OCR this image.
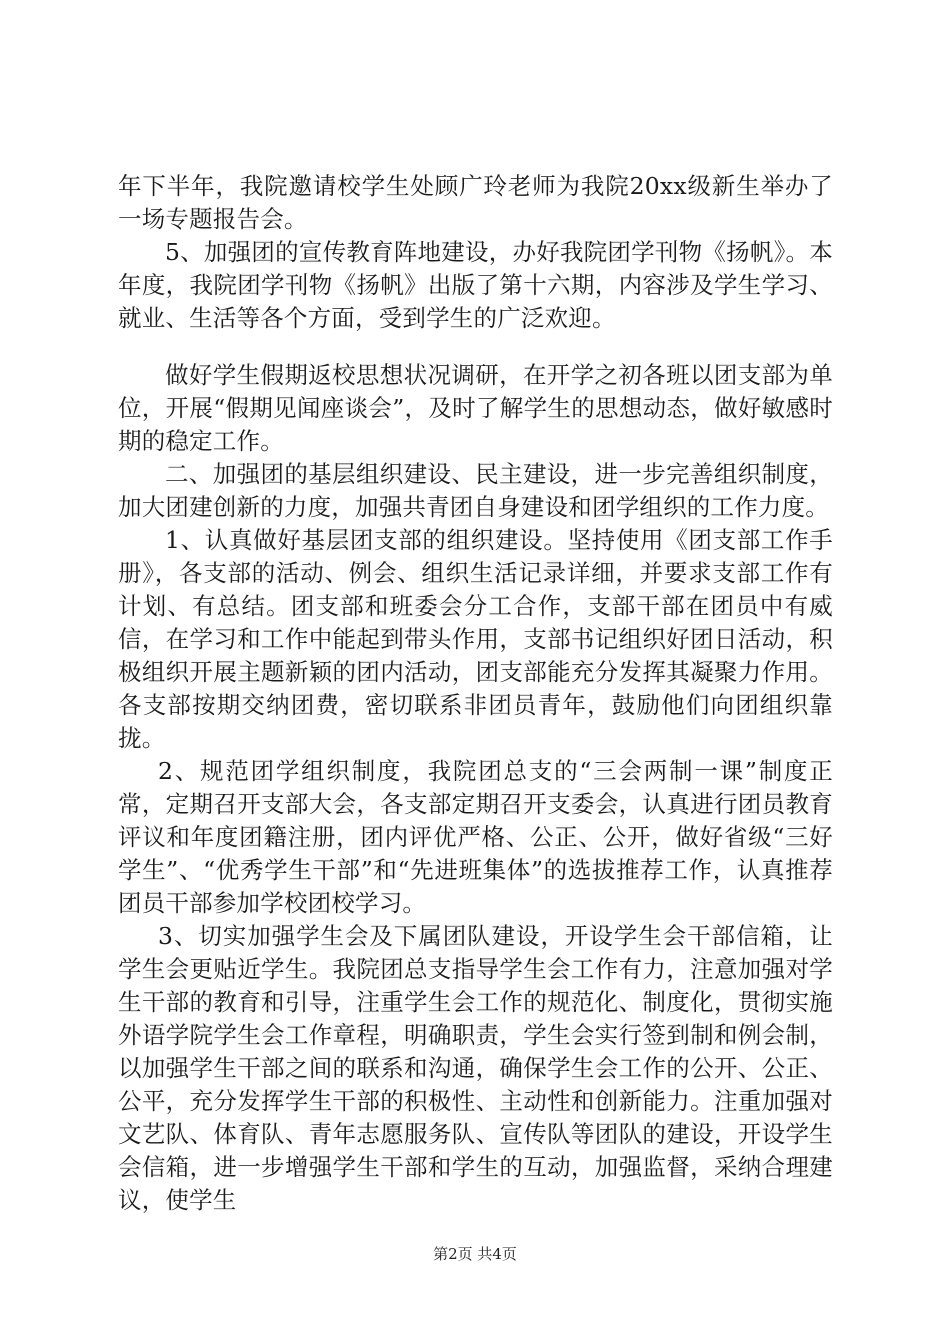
年下半年，我院邀请校学生处顾广玲老师为我院20xx级新生举办了一场专题报告会。

5、加强团的宣传教育阵地建设，办好我院团学刊物《扬帆》。本年度，我院团学刊物《扬帆》出版了第十六期，内容涉及学生学习、就业、生活等各个方面，受到学生的广泛欢迎。

做好学生假期返校思想状况调研，在开学之初各班以团支部为单位，开展“假期见闻座谈会”，及时了解学生的思想动态，做好敏感时期的稳定工作。

二、加强团的基层组织建设、民主建设，进一步完善组织制度，加大团建创新的力度，加强共青团自身建设和团学组织的工作力度。

1、认真做好基层团支部的组织建设。坚持使用《团支部工作手册》，各支部的活动、例会、组织生活记录详细，并要求支部工作有计划、有总结。团支部和班委会分工合作，支部干部在团员中有威信，在学习和工作中能起到带头作用，支部书记组织好团日活动，积极组织开展主题新颖的团内活动，团支部能充分发挥其凝聚力作用。各支部按期交纳团费，密切联系非团员青年，鼓励他们向团组织靠拢。

2、规范团学组织制度，我院团总支的“三会两制一课”制度正常，定期召开支部大会，各支部定期召开支委会，认真进行团员教育评议和年度团籍注册，团内评优严格、公正、公开，做好省级“三好学生”、“优秀学生干部”和“先进班集体”的选拔推荐工作，认真推荐团员干部参加学校团校学习。

3、切实加强学生会及下属团队建设，开设学生会干部信箱，让学生会更贴近学生。我院团总支指导学生会工作有力，注意加强对学生干部的教育和引导，注重学生会工作的规范化、制度化，贯彻实施外语学院学生会工作章程，明确职责，学生会实行签到制和例会制，以加强学生干部之间的联系和沟通，确保学生会工作的公开、公正、公平，充分发挥学生干部的积极性、主动性和创新能力。注重加强对文艺队、体育队、青年志愿服务队、宣传队等团队的建设，开设学生会信箱，进一步增强学生干部和学生的互动，加强监督，采纳合理建议，使学生

第2页 共4页
